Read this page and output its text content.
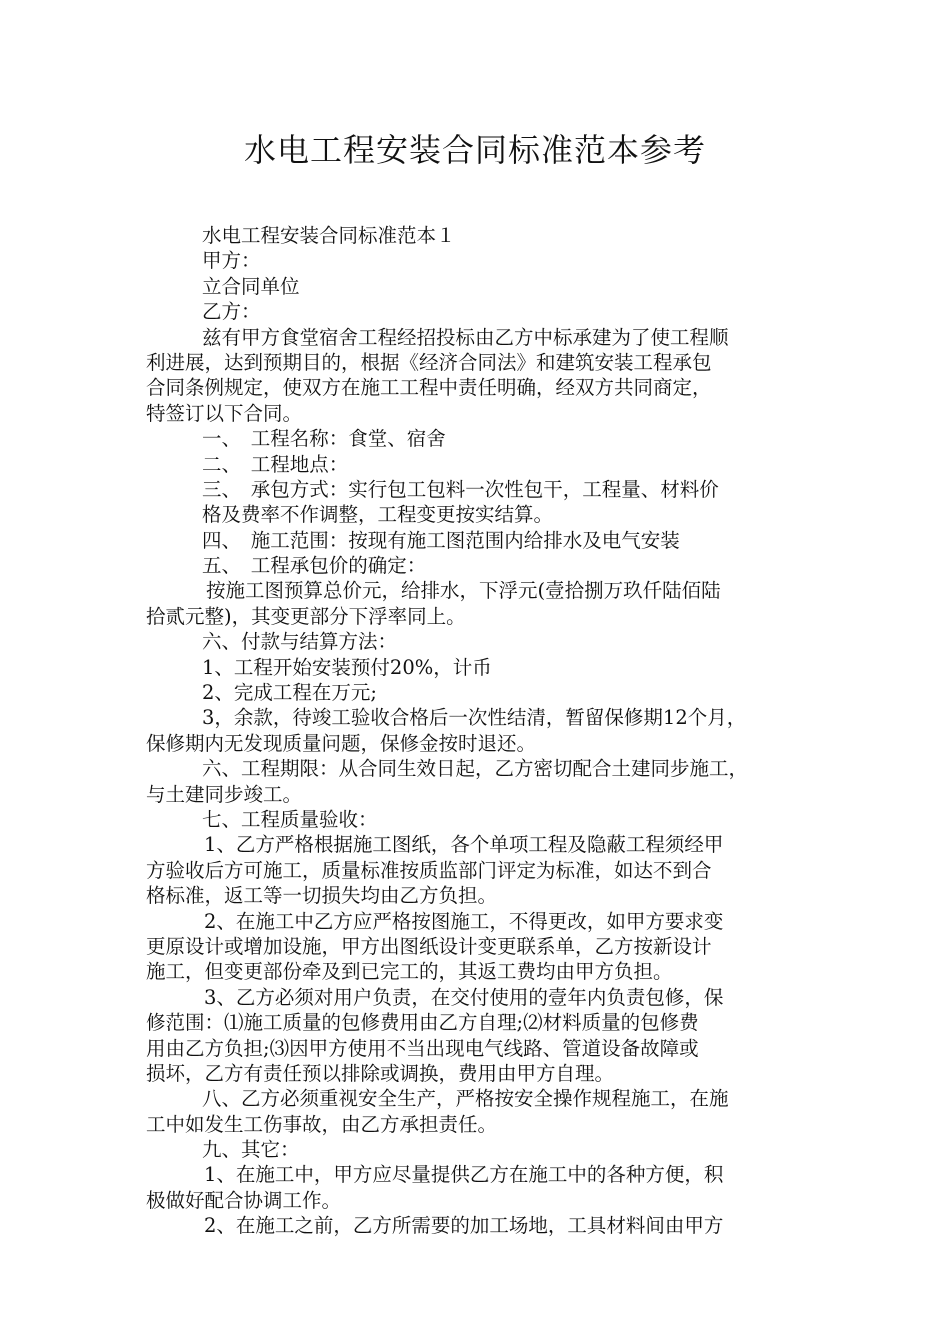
水电工程安装合同标准范本参考
水电工程安装合同标准范本１
甲方：
立合同单位
乙方：
兹有甲方食堂宿舍工程经招投标由乙方中标承建为了使工程顺
利进展，达到预期目的，根据《经济合同法》和建筑安装工程承包
合同条例规定，使双方在施工工程中责任明确，经双方共同商定，
特签订以下合同。
一、　工程名称：食堂、宿舍
二、　工程地点：
三、　承包方式：实行包工包料一次性包干，工程量、材料价
格及费率不作调整，工程变更按实结算。
四、　施工范围：按现有施工图范围内给排水及电气安装
五、　工程承包价的确定：
按施工图预算总价元，给排水，下浮元(壹拾捌万玖仟陆佰陆
拾贰元整)，其变更部分下浮率同上。
六、付款与结算方法：
1、工程开始安装预付20%，计币
2、完成工程在万元;
3，余款，待竣工验收合格后一次性结清，暂留保修期12个月，
保修期内无发现质量问题，保修金按时退还。
六、工程期限：从合同生效日起，乙方密切配合土建同步施工，
与土建同步竣工。
七、工程质量验收：
1、乙方严格根据施工图纸，各个单项工程及隐蔽工程须经甲
方验收后方可施工，质量标准按质监部门评定为标准，如达不到合
格标准，返工等一切损失均由乙方负担。
2、在施工中乙方应严格按图施工，不得更改，如甲方要求变
更原设计或增加设施，甲方出图纸设计变更联系单，乙方按新设计
施工，但变更部份牵及到已完工的，其返工费均由甲方负担。
3、乙方必须对用户负责，在交付使用的壹年内负责包修，保
修范围：⑴施工质量的包修费用由乙方自理;⑵材料质量的包修费
用由乙方负担;⑶因甲方使用不当出现电气线路、管道设备故障或
损坏，乙方有责任预以排除或调换，费用由甲方自理。
八、乙方必须重视安全生产，严格按安全操作规程施工，在施
工中如发生工伤事故，由乙方承担责任。
九、其它：
1、在施工中，甲方应尽量提供乙方在施工中的各种方便，积
极做好配合协调工作。
2、在施工之前，乙方所需要的加工场地，工具材料间由甲方
